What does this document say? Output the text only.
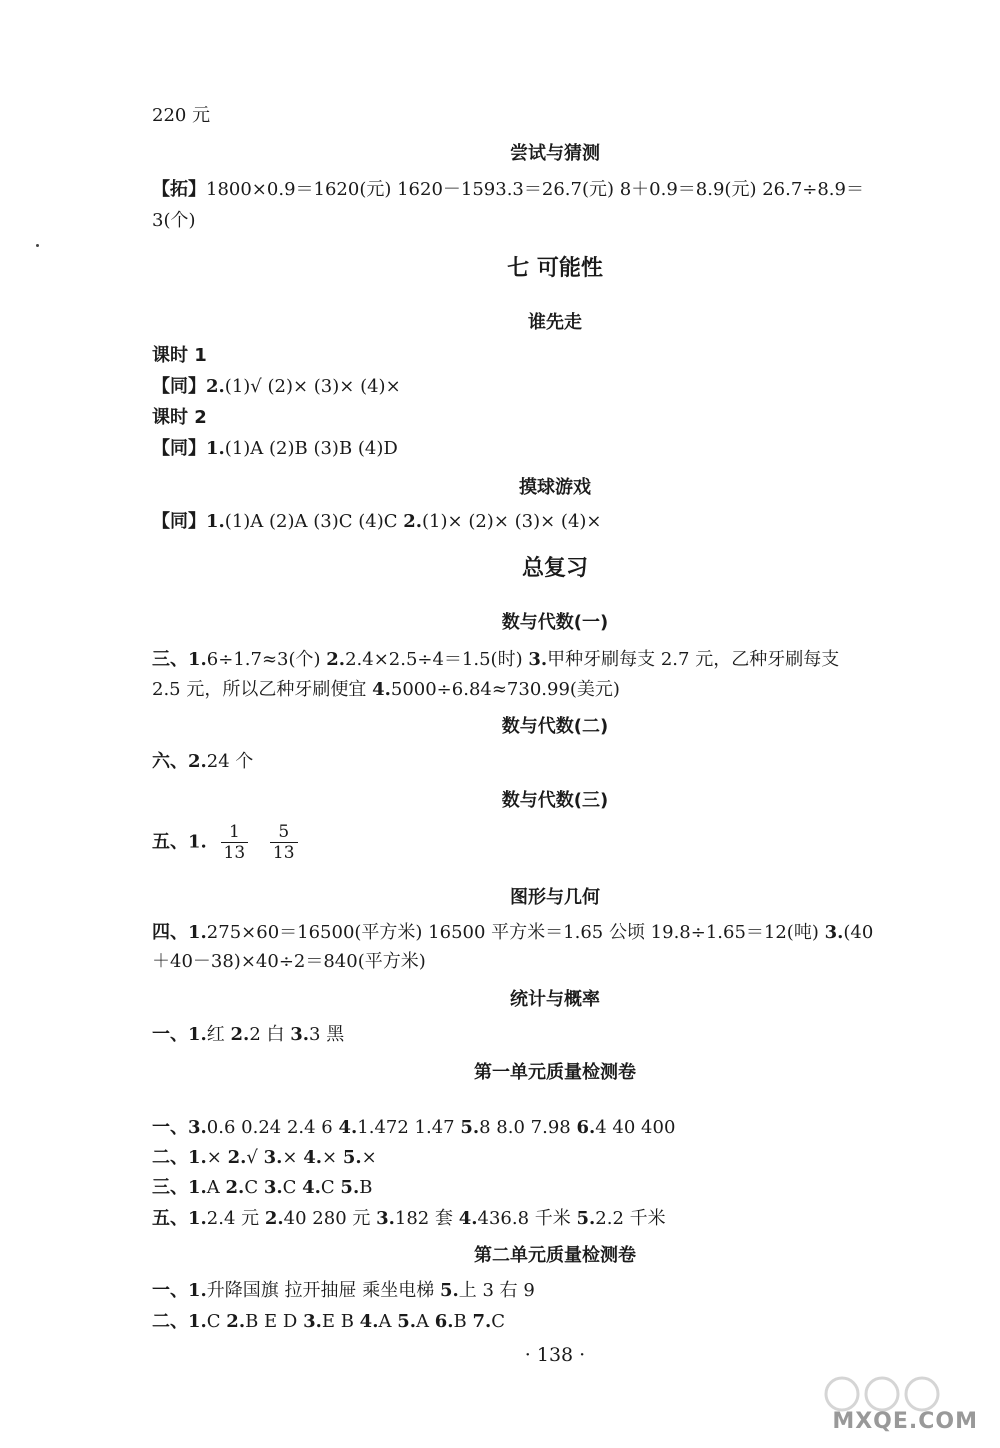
220 元
尝试与猜测
【拓】1800×0.9＝1620(元) 1620－1593.3＝26.7(元) 8＋0.9＝8.9(元) 26.7÷8.9＝
3(个)
七 可能性
谁先走
课时 1
【同】2.(1)√ (2)× (3)× (4)×
课时 2
【同】1.(1)A (2)B (3)B (4)D
摸球游戏
【同】1.(1)A (2)A (3)C (4)C 2.(1)× (2)× (3)× (4)×
总复习
数与代数(一)
三、1.6÷1.7≈3(个) 2.2.4×2.5÷4＝1.5(时) 3.甲种牙刷每支 2.7 元，乙种牙刷每支
2.5 元，所以乙种牙刷便宜 4.5000÷6.84≈730.99(美元)
数与代数(二)
六、2.24 个
数与代数(三)
五、1. $\frac{1}{13}$
$\frac{5}{13}$
图形与几何
四、1.275×60＝16500(平方米) 16500 平方米＝1.65 公顷 19.8÷1.65＝12(吨) 3.(40
＋40－38)×40÷2＝840(平方米)
统计与概率
一、1.红 2.2 白 3.3 黑
第一单元质量检测卷
一、3.0.6 0.24 2.4 6 4.1.472 1.47 5.8 8.0 7.98 6.4 40 400
二、1.× 2.√ 3.× 4.× 5.×
三、1.A 2.C 3.C 4.C 5.B
五、1.2.4 元 2.40 280 元 3.182 套 4.436.8 千米 5.2.2 千米
第二单元质量检测卷
一、1.升降国旗 拉开抽屉 乘坐电梯 5.上 3 右 9
二、1.C 2.B E D 3.E B 4.A 5.A 6.B 7.C
· 138 ·
MXQE.COM
